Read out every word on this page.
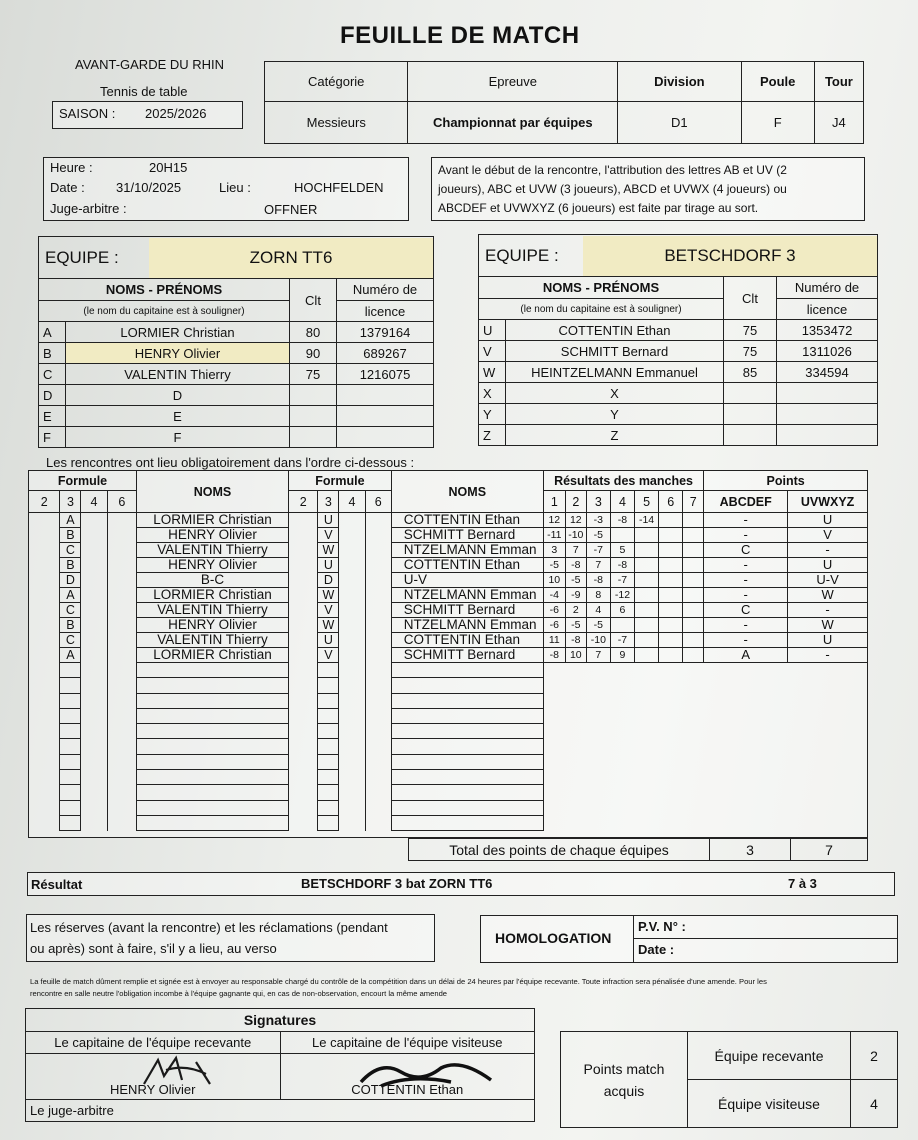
FEUILLE DE MATCH
AVANT-GARDE DU RHIN
Tennis de table
SAISON : 2025/2026
Catégorie	Epreuve	Division	Poule	Tour
Messieurs	Championnat par équipes	D1	F	J4
Heure :	20H15
Date : 31/10/2025	Lieu :	HOCHFELDEN
Juge-arbitre :	OFFNER
Avant le début de la rencontre, l'attribution des lettres AB et UV (2
joueurs), ABC et UVW (3 joueurs), ABCD et UVWX (4 joueurs) ou
ABCDEF et UVWXYZ (6 joueurs) est faite par tirage au sort.
EQUIPE : ZORN TT6			

NOMS - PRÉNOMS		Clt	Numéro de
(le nom du capitaine est à souligner)			licence
A	LORMIER Christian	80	1379164
B	HENRY Olivier	90	689267
C	VALENTIN Thierry	75	1216075
D	D		
E	E		
F	F		
EQUIPE : BETSCHDORF 3			

NOMS - PRÉNOMS		Clt	Numéro de
(le nom du capitaine est à souligner)			licence
U	COTTENTIN Ethan	75	1353472
V	SCHMITT Bernard	75	1311026
W	HEINTZELMANN Emmanuel	85	334594
X	X		
Y	Y		
Z	Z		
Les rencontres ont lieu obligatoirement dans l'ordre ci-dessous :
Formule				NOMS	Formule				NOMS	Résultats des manches							Points	
2	3	4	6		2	3	4	6		1	2	3	4	5	6	7	ABCDEF	UVWXYZ
	A			LORMIER Christian		U			COTTENTIN Ethan	12	12	-3	-8	-14			-	U
	B			HENRY Olivier		V			SCHMITT Bernard	-11	-10	-5					-	V
	C			VALENTIN Thierry		W			NTZELMANN Emman	3	7	-7	5				C	-
	B			HENRY Olivier		U			COTTENTIN Ethan	-5	-8	7	-8				-	U
	D			B-C		D			U-V	10	-5	-8	-7				-	U-V
	A			LORMIER Christian		W			NTZELMANN Emman	-4	-9	8	-12				-	W
	C			VALENTIN Thierry		V			SCHMITT Bernard	-6	2	4	6				C	-
	B			HENRY Olivier		W			NTZELMANN Emman	-6	-5	-5					-	W
	C			VALENTIN Thierry		U			COTTENTIN Ethan	11	-8	-10	-7				-	U
	A			LORMIER Christian		V			SCHMITT Bernard	-8	10	7	9				A	-

Total des points de chaque équipes	3	7
Résultat	BETSCHDORF 3 bat ZORN TT6	7 à 3
Les réserves (avant la rencontre) et les réclamations (pendant
ou après) sont à faire, s'il y a lieu, au verso
HOMOLOGATION
P.V. N° :
Date :
La feuille de match dûment remplie et signée est à envoyer au responsable chargé du contrôle de la compétition dans un délai de 24 heures par l'équipe recevante. Toute infraction sera pénalisée d'une amende. Pour les
rencontre en salle neutre l'obligation incombe à l'équipe gagnante qui, en cas de non-observation, encourt la même amende
Signatures	
Le capitaine de l'équipe recevante	Le capitaine de l'équipe visiteuse

HENRY Olivier	COTTENTIN Ethan

Le juge-arbitre	
Points match
acquis	Équipe recevante	2
	Équipe visiteuse	4
